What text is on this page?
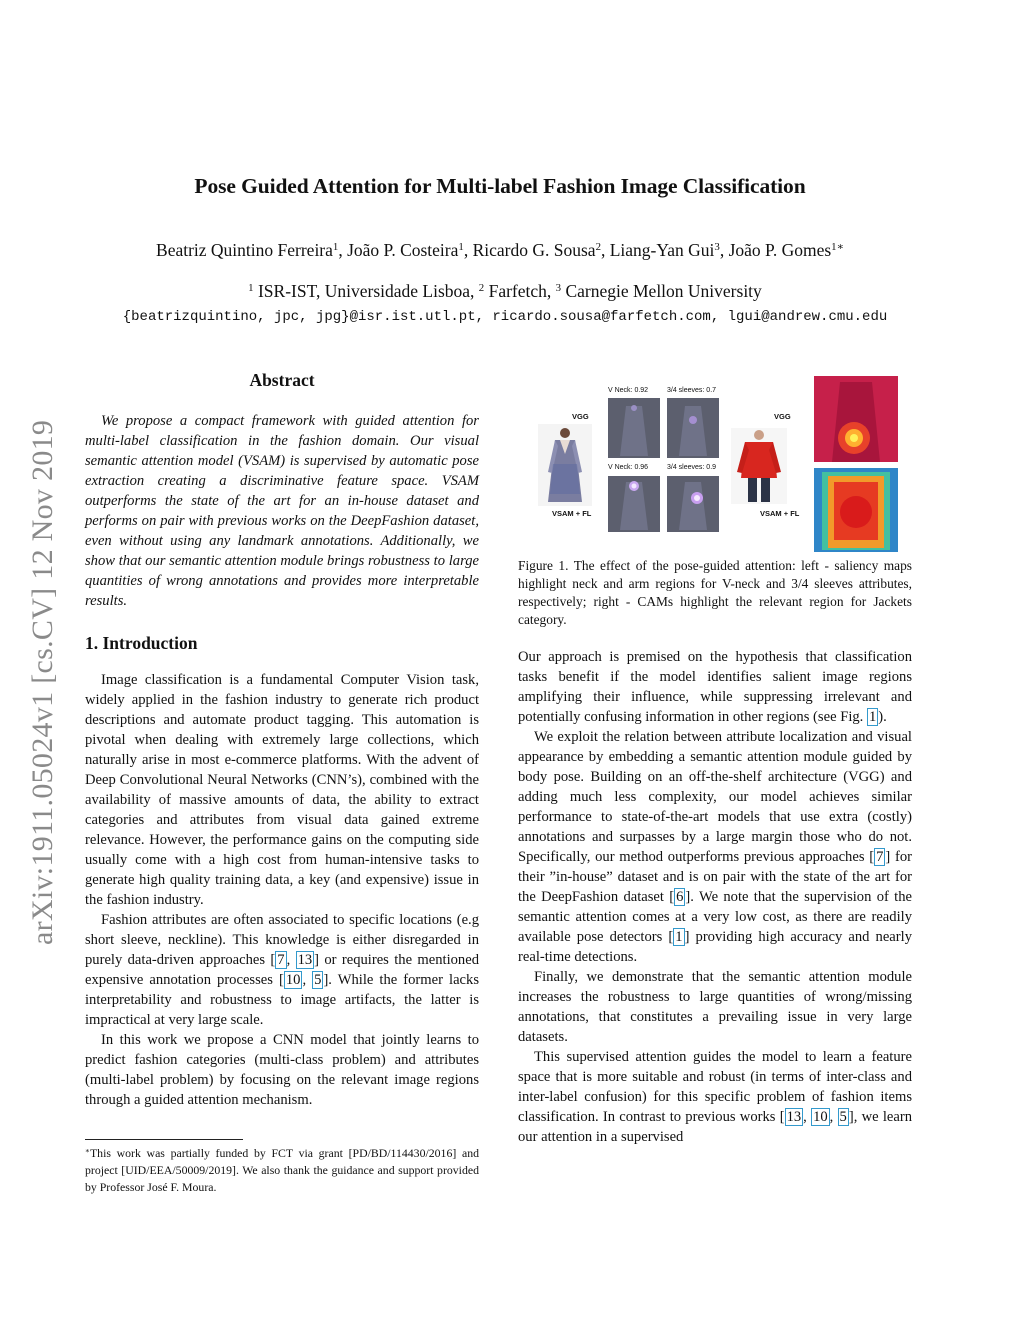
Pose Guided Attention for Multi-label Fashion Image Classification
Beatriz Quintino Ferreira$^1$, João P. Costeira$^1$, Ricardo G. Sousa$^2$, Liang-Yan Gui$^3$, João P. Gomes$^{1∗}$
$^1$ ISR-IST, Universidade Lisboa, $^2$ Farfetch, $^3$ Carnegie Mellon University
{beatrizquintino, jpc, jpg}@isr.ist.utl.pt, ricardo.sousa@farfetch.com, lgui@andrew.cmu.edu
arXiv:1911.05024v1 [cs.CV] 12 Nov 2019
Abstract

We propose a compact framework with guided attention for multi-label classification in the fashion domain. Our visual semantic attention model (VSAM) is supervised by automatic pose extraction creating a discriminative feature space. VSAM outperforms the state of the art for an in-house dataset and performs on pair with previous works on the DeepFashion dataset, even without using any landmark annotations. Additionally, we show that our semantic attention module brings robustness to large quantities of wrong annotations and provides more interpretable results.

1. Introduction

Image classification is a fundamental Computer Vision task, widely applied in the fashion industry to generate rich product descriptions and automate product tagging. This automation is pivotal when dealing with extremely large collections, which naturally arise in most e-commerce platforms. With the advent of Deep Convolutional Neural Networks (CNN’s), combined with the availability of massive amounts of data, the ability to extract categories and attributes from visual data gained extreme relevance. However, the performance gains on the computing side usually come with a high cost from human-intensive tasks to generate high quality training data, a key (and expensive) issue in the fashion industry.

Fashion attributes are often associated to specific locations (e.g short sleeve, neckline). This knowledge is either disregarded in purely data-driven approaches [ 7 , 13 ] or requires the mentioned expensive annotation processes [ 10 , 5 ]. While the former lacks interpretability and robustness to image artifacts, the latter is impractical at very large scale.

In this work we propose a CNN model that jointly learns to predict fashion categories (multi-class problem) and attributes (multi-label problem) by focusing on the relevant image regions through a guided attention mechanism.

∗This work was partially funded by FCT via grant [PD/BD/114430/2016] and project [UID/EEA/50009/2019]. We also thank the guidance and support provided by Professor José F. Moura.
VGG
VSAM + FL
V Neck: 0.92	3/4 sleeves: 0.7
V Neck: 0.96	3/4 sleeves: 0.9
VGG
VSAM + FL
Figure 1. The effect of the pose-guided attention: left - saliency maps highlight neck and arm regions for V-neck and 3/4 sleeves attributes, respectively; right - CAMs highlight the relevant region for Jackets category.

Our approach is premised on the hypothesis that classification tasks benefit if the model identifies salient image regions amplifying their influence, while suppressing irrelevant and potentially confusing information in other regions (see Fig. 1 ).

We exploit the relation between attribute localization and visual appearance by embedding a semantic attention module guided by body pose. Building on an off-the-shelf architecture (VGG) and adding much less complexity, our model achieves similar performance to state-of-the-art models that use extra (costly) annotations and surpasses by a large margin those who do not. Specifically, our method outperforms previous approaches [ 7 ] for their ”in-house” dataset and is on pair with the state of the art for the DeepFashion dataset [ 6 ]. We note that the supervision of the semantic attention comes at a very low cost, as there are readily available pose detectors [ 1 ] providing high accuracy and nearly real-time detections.

Finally, we demonstrate that the semantic attention module increases the robustness to large quantities of wrong/missing annotations, that constitutes a prevailing issue in very large datasets.

This supervised attention guides the model to learn a feature space that is more suitable and robust (in terms of inter-class and inter-label confusion) for this specific problem of fashion items classification. In contrast to previous works [ 13 , 10 , 5 ], we learn our attention in a supervised
